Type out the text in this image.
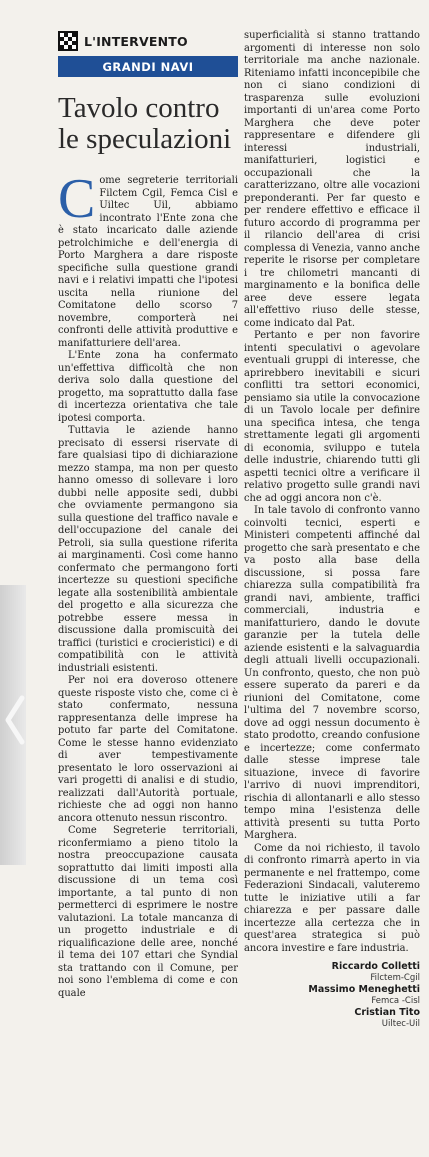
L'INTERVENTO
GRANDI NAVI
Tavolo contro le speculazioni

Come segreterie territoriali Filctem Cgil, Femca Cisl e Uiltec Uil, abbiamo incontrato l'Ente zona che è stato incaricato dalle aziende petrolchimiche e dell'energia di Porto Marghera a dare risposte specifiche sulla questione grandi navi e i relativi impatti che l'ipotesi uscita nella riunione del Comitatone dello scorso 7 novembre, comporterà nei confronti delle attività produttive e manifatturiere dell'area.

L'Ente zona ha confermato un'effettiva difficoltà che non deriva solo dalla questione del progetto, ma soprattutto dalla fase di incertezza orientativa che tale ipotesi comporta.

Tuttavia le aziende hanno precisato di essersi riservate di fare qualsiasi tipo di dichiarazione mezzo stampa, ma non per questo hanno omesso di sollevare i loro dubbi nelle apposite sedi, dubbi che ovviamente permangono sia sulla questione del traffico navale e dell'occupazione del canale dei Petroli, sia sulla questione riferita ai marginamenti. Così come hanno confermato che permangono forti incertezze su questioni specifiche legate alla sostenibilità ambientale del progetto e alla sicurezza che potrebbe essere messa in discussione dalla promiscuità dei traffici (turistici e crocieristici) e di compatibilità con le attività industriali esistenti.

Per noi era doveroso ottenere queste risposte visto che, come ci è stato confermato, nessuna rappresentanza delle imprese ha potuto far parte del Comitatone. Come le stesse hanno evidenziato di aver tempestivamente presentato le loro osservazioni ai vari progetti di analisi e di studio, realizzati dall'Autorità portuale, richieste che ad oggi non hanno ancora ottenuto nessun riscontro.

Come Segreterie territoriali, riconfermiamo a pieno titolo la nostra preoccupazione causata soprattutto dai limiti imposti alla discussione di un tema così importante, a tal punto di non permetterci di esprimere le nostre valutazioni. La totale mancanza di un progetto industriale e di riqualificazione delle aree, nonché il tema dei 107 ettari che Syndial sta trattando con il Comune, per noi sono l'emblema di come e con quale

superficialità si stanno trattando argomenti di interesse non solo territoriale ma anche nazionale. Riteniamo infatti inconcepibile che non ci siano condizioni di trasparenza sulle evoluzioni importanti di un'area come Porto Marghera che deve poter rappresentare e difendere gli interessi industriali, manifatturieri, logistici e occupazionali che la caratterizzano, oltre alle vocazioni preponderanti. Per far questo e per rendere effettivo e efficace il futuro accordo di programma per il rilancio dell'area di crisi complessa di Venezia, vanno anche reperite le risorse per completare i tre chilometri mancanti di marginamento e la bonifica delle aree deve essere legata all'effettivo riuso delle stesse, come indicato dal Pat.

Pertanto e per non favorire intenti speculativi o agevolare eventuali gruppi di interesse, che aprirebbero inevitabili e sicuri conflitti tra settori economici, pensiamo sia utile la convocazione di un Tavolo locale per definire una specifica intesa, che tenga strettamente legati gli argomenti di economia, sviluppo e tutela delle industrie, chiarendo tutti gli aspetti tecnici oltre a verificare il relativo progetto sulle grandi navi che ad oggi ancora non c'è.

In tale tavolo di confronto vanno coinvolti tecnici, esperti e Ministeri competenti affinché dal progetto che sarà presentato e che va posto alla base della discussione, si possa fare chiarezza sulla compatibilità fra grandi navi, ambiente, traffici commerciali, industria e manifatturiero, dando le dovute garanzie per la tutela delle aziende esistenti e la salvaguardia degli attuali livelli occupazionali. Un confronto, questo, che non può essere superato da pareri e da riunioni del Comitatone, come l'ultima del 7 novembre scorso, dove ad oggi nessun documento è stato prodotto, creando confusione e incertezze; come confermato dalle stesse imprese tale situazione, invece di favorire l'arrivo di nuovi imprenditori, rischia di allontanarli e allo stesso tempo mina l'esistenza delle attività presenti su tutta Porto Marghera.

Come da noi richiesto, il tavolo di confronto rimarrà aperto in via permanente e nel frattempo, come Federazioni Sindacali, valuteremo tutte le iniziative utili a far chiarezza e per passare dalle incertezze alla certezza che in quest'area strategica si può ancora investire e fare industria.

Riccardo Colletti
Filctem-Cgil
Massimo Meneghetti
Femca -Cisl
Cristian Tito
Uiltec-Uil
